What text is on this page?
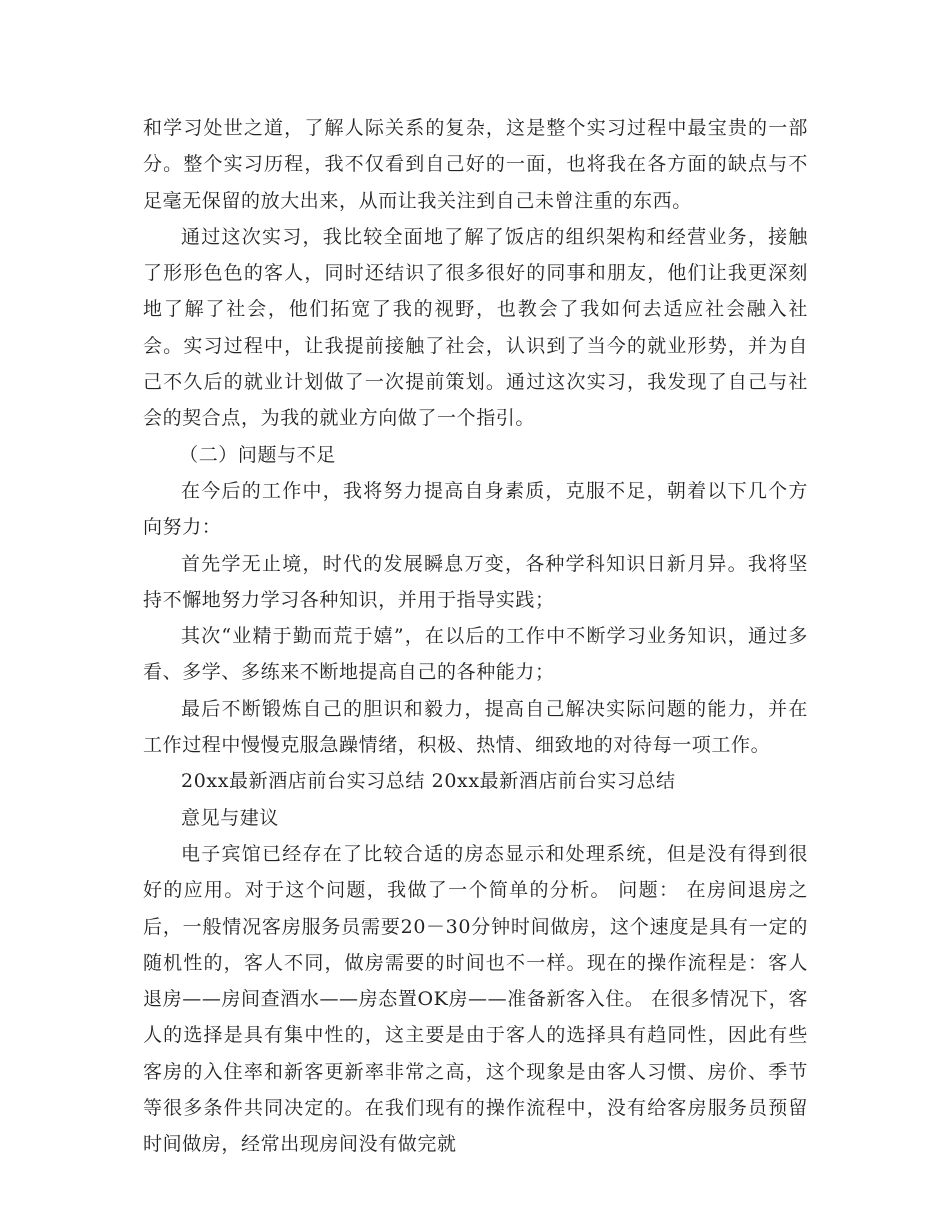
和学习处世之道，了解人际关系的复杂，这是整个实习过程中最宝贵的一部分。整个实习历程，我不仅看到自己好的一面，也将我在各方面的缺点与不足毫无保留的放大出来，从而让我关注到自己未曾注重的东西。

通过这次实习，我比较全面地了解了饭店的组织架构和经营业务，接触了形形色色的客人，同时还结识了很多很好的同事和朋友，他们让我更深刻地了解了社会，他们拓宽了我的视野，也教会了我如何去适应社会融入社会。实习过程中，让我提前接触了社会，认识到了当今的就业形势，并为自己不久后的就业计划做了一次提前策划。通过这次实习，我发现了自己与社会的契合点，为我的就业方向做了一个指引。

（二）问题与不足

在今后的工作中，我将努力提高自身素质，克服不足，朝着以下几个方向努力：

首先学无止境，时代的发展瞬息万变，各种学科知识日新月异。我将坚持不懈地努力学习各种知识，并用于指导实践；

其次“业精于勤而荒于嬉”，在以后的工作中不断学习业务知识，通过多看、多学、多练来不断地提高自己的各种能力；

最后不断锻炼自己的胆识和毅力，提高自己解决实际问题的能力，并在工作过程中慢慢克服急躁情绪，积极、热情、细致地的对待每一项工作。

20xx最新酒店前台实习总结 20xx最新酒店前台实习总结

意见与建议

电子宾馆已经存在了比较合适的房态显示和处理系统，但是没有得到很好的应用。对于这个问题，我做了一个简单的分析。 问题： 在房间退房之后，一般情况客房服务员需要20－30分钟时间做房，这个速度是具有一定的随机性的，客人不同，做房需要的时间也不一样。现在的操作流程是：客人退房——房间查酒水——房态置OK房——准备新客入住。 在很多情况下，客人的选择是具有集中性的，这主要是由于客人的选择具有趋同性，因此有些客房的入住率和新客更新率非常之高，这个现象是由客人习惯、房价、季节等很多条件共同决定的。在我们现有的操作流程中，没有给客房服务员预留时间做房，经常出现房间没有做完就
